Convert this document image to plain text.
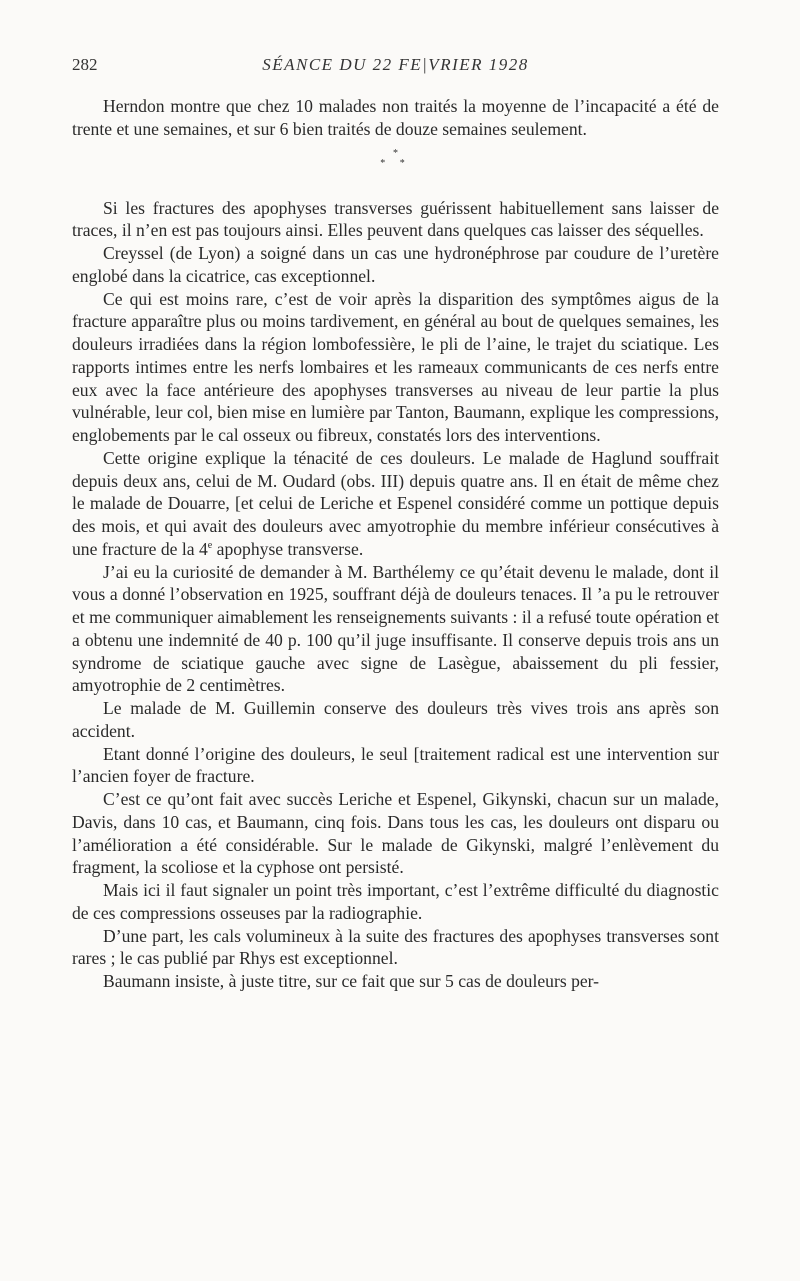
282	SÉANCE DU 22 FE|VRIER 1928

Herndon montre que chez 10 malades non traités la moyenne de l’incapacité a été de trente et une semaines, et sur 6 bien traités de douze semaines seulement.

*
* *

Si les fractures des apophyses transverses guérissent habituellement sans laisser de traces, il n’en est pas toujours ainsi. Elles peuvent dans quelques cas laisser des séquelles.

Creyssel (de Lyon) a soigné dans un cas une hydronéphrose par coudure de l’uretère englobé dans la cicatrice, cas exceptionnel.

Ce qui est moins rare, c’est de voir après la disparition des symptômes aigus de la fracture apparaître plus ou moins tardivement, en général au bout de quelques semaines, les douleurs irradiées dans la région lombofessière, le pli de l’aine, le trajet du sciatique. Les rapports intimes entre les nerfs lombaires et les rameaux communicants de ces nerfs entre eux avec la face antérieure des apophyses transverses au niveau de leur partie la plus vulnérable, leur col, bien mise en lumière par Tanton, Baumann, explique les compressions, englobements par le cal osseux ou fibreux, constatés lors des interventions.

Cette origine explique la ténacité de ces douleurs. Le malade de Haglund souffrait depuis deux ans, celui de M. Oudard (obs. III) depuis quatre ans. Il en était de même chez le malade de Douarre, [et celui de Leriche et Espenel considéré comme un pottique depuis des mois, et qui avait des douleurs avec amyotrophie du membre inférieur consécutives à une fracture de la 4e apophyse transverse.

J’ai eu la curiosité de demander à M. Barthélemy ce qu’était devenu le malade, dont il vous a donné l’observation en 1925, souffrant déjà de douleurs tenaces. Il ’a pu le retrouver et me communiquer aimablement les renseignements suivants : il a refusé toute opération et a obtenu une indemnité de 40 p. 100 qu’il juge insuffisante. Il conserve depuis trois ans un syndrome de sciatique gauche avec signe de Lasègue, abaissement du pli fessier, amyotrophie de 2 centimètres.

Le malade de M. Guillemin conserve des douleurs très vives trois ans après son accident.

Etant donné l’origine des douleurs, le seul [traitement radical est une intervention sur l’ancien foyer de fracture.

C’est ce qu’ont fait avec succès Leriche et Espenel, Gikynski, chacun sur un malade, Davis, dans 10 cas, et Baumann, cinq fois. Dans tous les cas, les douleurs ont disparu ou l’amélioration a été considérable. Sur le malade de Gikynski, malgré l’enlèvement du fragment, la scoliose et la cyphose ont persisté.

Mais ici il faut signaler un point très important, c’est l’extrême difficulté du diagnostic de ces compressions osseuses par la radiographie.

D’une part, les cals volumineux à la suite des fractures des apophyses transverses sont rares ; le cas publié par Rhys est exceptionnel.

Baumann insiste, à juste titre, sur ce fait que sur 5 cas de douleurs per-
